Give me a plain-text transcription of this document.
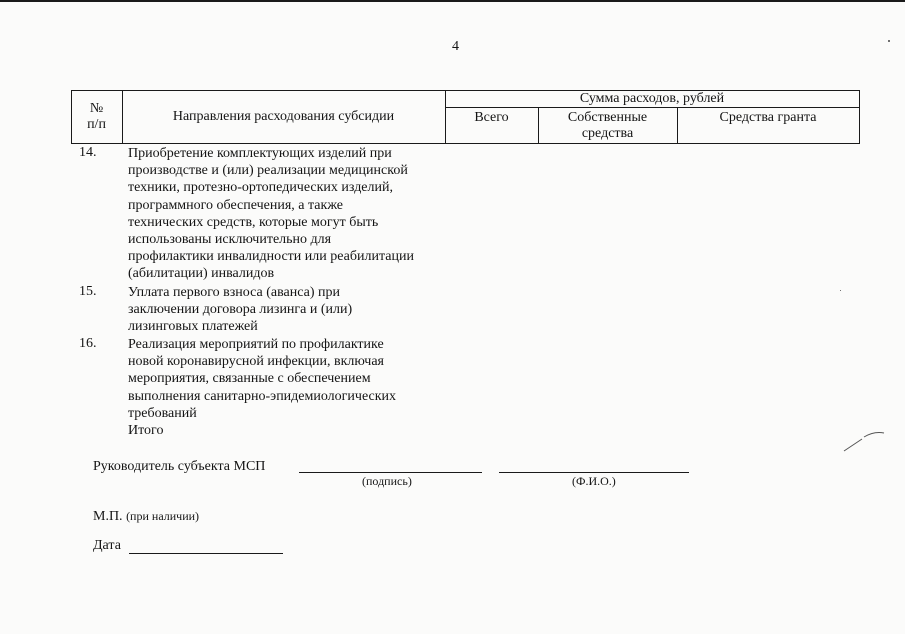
4
№
п/п
Направления расходования субсидии
Сумма расходов, рублей
Всего	Собственные
средства
Средства гранта
14. Приобретение комплектующих изделий при
производстве и (или) реализации медицинской
техники, протезно-ортопедических изделий,
программного обеспечения, а также
технических средств, которые могут быть
использованы исключительно для
профилактики инвалидности или реабилитации
(абилитации) инвалидов
15. Уплата первого взноса (аванса) при
заключении договора лизинга и (или)
лизинговых платежей
16. Реализация мероприятий по профилактике
новой коронавирусной инфекции, включая
мероприятия, связанные с обеспечением
выполнения санитарно-эпидемиологических
требований
Итого
Руководитель субъекта МСП
(подпись)	(Ф.И.О.)
М.П. (при наличии)
Дата
